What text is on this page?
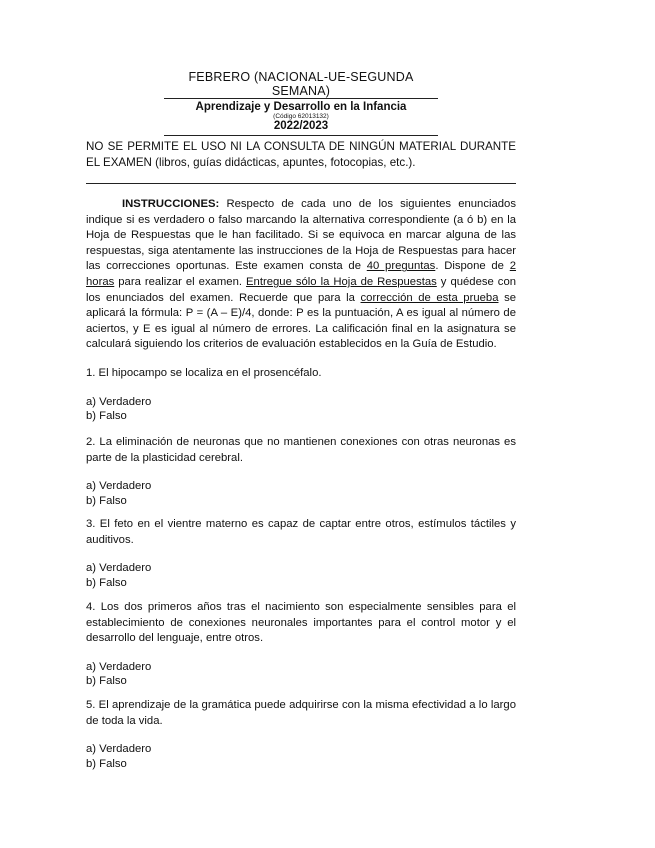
FEBRERO (NACIONAL-UE-SEGUNDA SEMANA)
Aprendizaje y Desarrollo en la Infancia
(Código 62013132)
2022/2023
NO SE PERMITE EL USO NI LA CONSULTA DE NINGÚN MATERIAL DURANTE EL EXAMEN (libros, guías didácticas, apuntes, fotocopias, etc.).

INSTRUCCIONES: Respecto de cada uno de los siguientes enunciados indique si es verdadero o falso marcando la alternativa correspondiente (a ó b) en la Hoja de Respuestas que le han facilitado. Si se equivoca en marcar alguna de las respuestas, siga atentamente las instrucciones de la Hoja de Respuestas para hacer las correcciones oportunas. Este examen consta de 40 preguntas. Dispone de 2 horas para realizar el examen. Entregue sólo la Hoja de Respuestas y quédese con los enunciados del examen. Recuerde que para la corrección de esta prueba se aplicará la fórmula: P = (A – E)/4, donde: P es la puntuación, A es igual al número de aciertos, y E es igual al número de errores. La calificación final en la asignatura se calculará siguiendo los criterios de evaluación establecidos en la Guía de Estudio.

1. El hipocampo se localiza en el prosencéfalo.

a) Verdadero

b) Falso

2. La eliminación de neuronas que no mantienen conexiones con otras neuronas es parte de la plasticidad cerebral.

a) Verdadero

b) Falso

3. El feto en el vientre materno es capaz de captar entre otros, estímulos táctiles y auditivos.

a) Verdadero

b) Falso

4. Los dos primeros años tras el nacimiento son especialmente sensibles para el establecimiento de conexiones neuronales importantes para el control motor y el desarrollo del lenguaje, entre otros.

a) Verdadero

b) Falso

5. El aprendizaje de la gramática puede adquirirse con la misma efectividad a lo largo de toda la vida.

a) Verdadero

b) Falso
